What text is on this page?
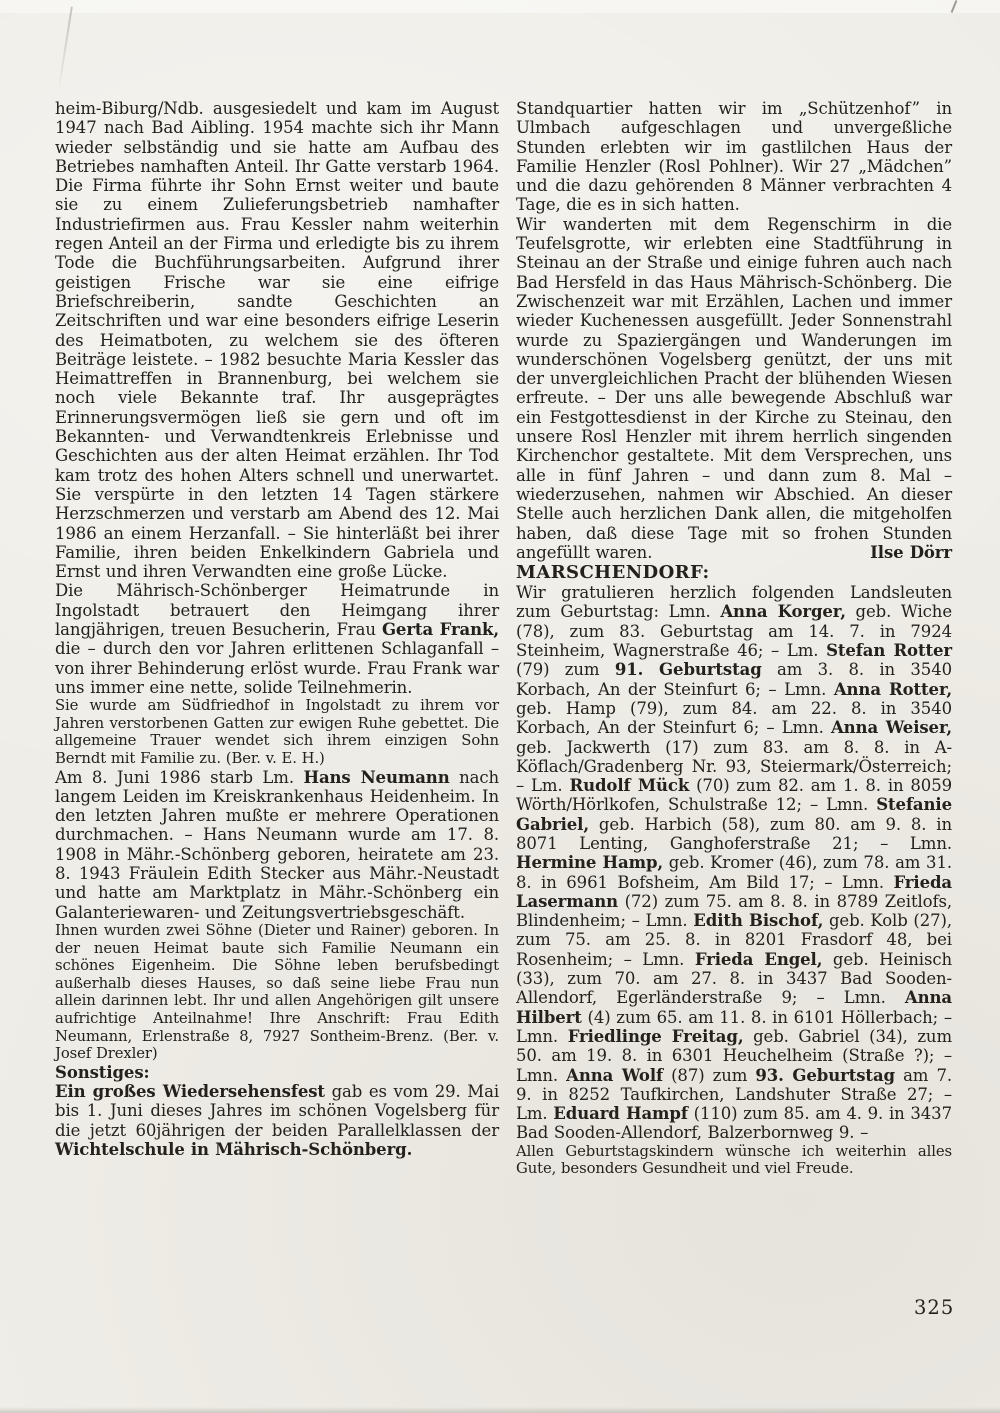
heim-Biburg/Ndb. ausgesiedelt und kam im August 1947 nach Bad Aibling. 1954 machte sich ihr Mann wieder selbständig und sie hatte am Aufbau des Betriebes namhaften Anteil. Ihr Gatte verstarb 1964. Die Firma führte ihr Sohn Ernst weiter und baute sie zu einem Zulieferungsbetrieb namhafter Industriefirmen aus. Frau Kessler nahm weiterhin regen Anteil an der Firma und erledigte bis zu ihrem Tode die Buchführungsarbeiten. Aufgrund ihrer geistigen Frische war sie eine eifrige Briefschreiberin, sandte Geschichten an Zeitschriften und war eine besonders eifrige Leserin des Heimatboten, zu welchem sie des öfteren Beiträge leistete. – 1982 besuchte Maria Kessler das Heimattreffen in Brannenburg, bei welchem sie noch viele Bekannte traf. Ihr ausgeprägtes Erinnerungsvermögen ließ sie gern und oft im Bekannten- und Verwandtenkreis Erlebnisse und Geschichten aus der alten Heimat erzählen. Ihr Tod kam trotz des hohen Alters schnell und unerwartet. Sie verspürte in den letzten 14 Tagen stärkere Herzschmerzen und verstarb am Abend des 12. Mai 1986 an einem Herzanfall. – Sie hinterläßt bei ihrer Familie, ihren beiden Enkelkindern Gabriela und Ernst und ihren Verwandten eine große Lücke.

Die Mährisch-Schönberger Heimatrunde in Ingolstadt betrauert den Heimgang ihrer langjährigen, treuen Besucherin, Frau Gerta Frank, die – durch den vor Jahren erlittenen Schlaganfall – von ihrer Behinderung erlöst wurde. Frau Frank war uns immer eine nette, solide Teilnehmerin.

Sie wurde am Südfriedhof in Ingolstadt zu ihrem vor Jahren verstorbenen Gatten zur ewigen Ruhe gebettet. Die allgemeine Trauer wendet sich ihrem einzigen Sohn Berndt mit Familie zu. (Ber. v. E. H.)

Am 8. Juni 1986 starb Lm. Hans Neumann nach langem Leiden im Kreiskrankenhaus Heidenheim. In den letzten Jahren mußte er mehrere Operationen durchmachen. – Hans Neumann wurde am 17. 8. 1908 in Mähr.-Schönberg geboren, heiratete am 23. 8. 1943 Fräulein Edith Stecker aus Mähr.-Neustadt und hatte am Marktplatz in Mähr.-Schönberg ein Galanteriewaren- und Zeitungsvertriebsgeschäft.

Ihnen wurden zwei Söhne (Dieter und Rainer) geboren. In der neuen Heimat baute sich Familie Neumann ein schönes Eigenheim. Die Söhne leben berufsbedingt außerhalb dieses Hauses, so daß seine liebe Frau nun allein darinnen lebt. Ihr und allen Angehörigen gilt unsere aufrichtige Anteilnahme! Ihre Anschrift: Frau Edith Neumann, Erlenstraße 8, 7927 Sontheim-Brenz. (Ber. v. Josef Drexler)

Sonstiges:

Ein großes Wiedersehensfest gab es vom 29. Mai bis 1. Juni dieses Jahres im schönen Vogelsberg für die jetzt 60jährigen der beiden Parallelklassen der Wichtelschule in Mährisch-Schönberg.

Standquartier hatten wir im „Schützenhof” in Ulmbach aufgeschlagen und unvergeßliche Stunden erlebten wir im gastlilchen Haus der Familie Henzler (Rosl Pohlner). Wir 27 „Mädchen” und die dazu gehörenden 8 Männer verbrachten 4 Tage, die es in sich hatten.

Wir wanderten mit dem Regenschirm in die Teufelsgrotte, wir erlebten eine Stadtführung in Steinau an der Straße und einige fuhren auch nach Bad Hersfeld in das Haus Mährisch-Schönberg. Die Zwischenzeit war mit Erzählen, Lachen und immer wieder Kuchenessen ausgefüllt. Jeder Sonnenstrahl wurde zu Spaziergängen und Wanderungen im wunderschönen Vogelsberg genützt, der uns mit der unvergleichlichen Pracht der blühenden Wiesen erfreute. – Der uns alle bewegende Abschluß war ein Festgottesdienst in der Kirche zu Steinau, den unsere Rosl Henzler mit ihrem herrlich singenden Kirchenchor gestaltete. Mit dem Versprechen, uns alle in fünf Jahren – und dann zum 8. Mal – wiederzusehen, nahmen wir Abschied. An dieser Stelle auch herzlichen Dank allen, die mitgeholfen haben, daß diese Tage mit so frohen Stunden angefüllt waren.	Ilse Dörr

MARSCHENDORF:

Wir gratulieren herzlich folgenden Landsleuten zum Geburtstag: Lmn. Anna Korger, geb. Wiche (78), zum 83. Geburtstag am 14. 7. in 7924 Steinheim, Wagnerstraße 46; – Lm. Stefan Rotter (79) zum 91. Geburtstag am 3. 8. in 3540 Korbach, An der Steinfurt 6; – Lmn. Anna Rotter, geb. Hamp (79), zum 84. am 22. 8. in 3540 Korbach, An der Steinfurt 6; – Lmn. Anna Weiser, geb. Jackwerth (17) zum 83. am 8. 8. in A-Köflach/Gradenberg Nr. 93, Steiermark/Österreich; – Lm. Rudolf Mück (70) zum 82. am 1. 8. in 8059 Wörth/Hörlkofen, Schulstraße 12; – Lmn. Stefanie Gabriel, geb. Harbich (58), zum 80. am 9. 8. in 8071 Lenting, Ganghoferstraße 21; – Lmn. Hermine Hamp, geb. Kromer (46), zum 78. am 31. 8. in 6961 Bofsheim, Am Bild 17; – Lmn. Frieda Lasermann (72) zum 75. am 8. 8. in 8789 Zeitlofs, Blindenheim; – Lmn. Edith Bischof, geb. Kolb (27), zum 75. am 25. 8. in 8201 Frasdorf 48, bei Rosenheim; – Lmn. Frieda Engel, geb. Heinisch (33), zum 70. am 27. 8. in 3437 Bad Sooden-Allendorf, Egerländerstraße 9; – Lmn. Anna Hilbert (4) zum 65. am 11. 8. in 6101 Höllerbach; – Lmn. Friedlinge Freitag, geb. Gabriel (34), zum 50. am 19. 8. in 6301 Heuchelheim (Straße ?); – Lmn. Anna Wolf (87) zum 93. Geburtstag am 7. 9. in 8252 Taufkirchen, Landshuter Straße 27; – Lm. Eduard Hampf (110) zum 85. am 4. 9. in 3437 Bad Sooden-Allendorf, Balzerbornweg 9. –

Allen Geburtstagskindern wünsche ich weiterhin alles Gute, besonders Gesundheit und viel Freude.

325
